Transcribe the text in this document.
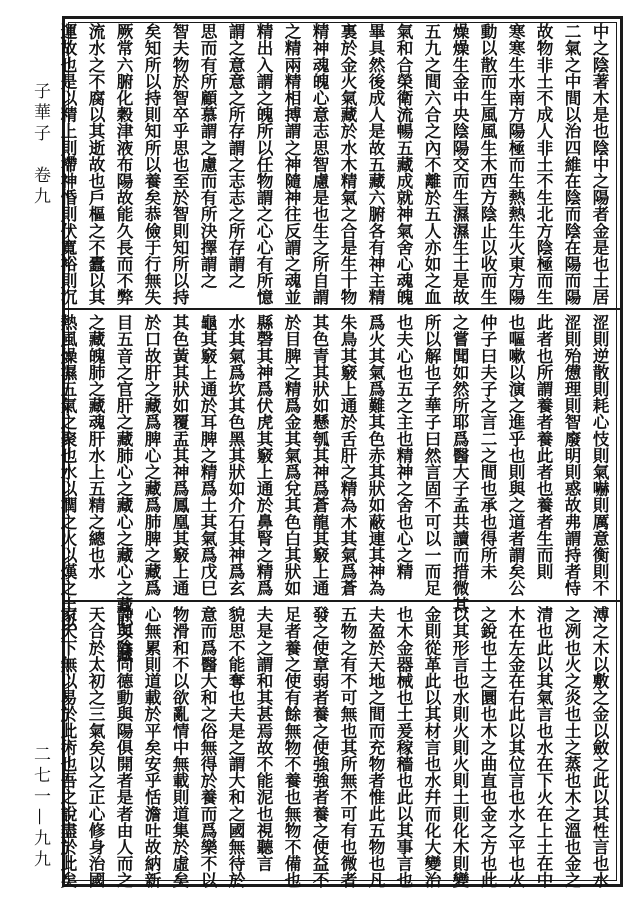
子華子　卷九
二七一—九九
中之陰著木是也陰中之陽者金是也土居
二氣之中間以治四維在陰而陰在陽而陽
故物非土不成人非土不生北方陰極而生
寒寒生水南方陽極而生熱熱生火東方陽
動以散而生風風生木西方陰止以收而生
燥燥生金中央陰陽交而生濕濕生土是故
五九之間六合之內不離於五人亦如之血
氣和合榮衛流暢五藏成就神氣舍心魂魄
畢具然後成人是故五藏六腑各有神主精
裏於金火氣藏於水木精氣之合是生十物
精神魂魄心意志思智慮是也生之所自謂
之精兩精相搏謂之神隨神往反謂之魂並
精出入謂之魄所以任物謂之心心有所憶
謂之意意之所存謂之志志之所存謂之
思而有所顧慕謂之慮而有所決擇謂之
智夫物於智卒乎思也至於智則知所以持
矣知所以持則知所以養矣恭儉于行無失
厥常六腑化穀津液布陽故能久長而不弊
流水之不腐以其逝故也戶樞之不蠹以其
運故也是以精上則滯神惛則伏寬裕則沉
涩則逆散則耗心忮則氣嚇則厲意衡則不
涩則殆憊理則智廢明則惑故弗謂持者恃
此者也所謂養者養此者也養者生而則
也嘔嗽以演之進乎也則與之道者謂矣公
仲子曰夫子之言二之間也承也得所未
之嘗聞如然所耶爲醫大子孟共讀而措微其
所以解也子華子曰然言固不可以一而足
也夫心也五之主也精神之舍也心之精
爲火其氣爲難其色赤其狀如蔽連其神為
朱鳥其竅上通於舌肝之精為木其氣爲蒼
其色青其狀如懸瓠其神爲蒼龍其竅上通
於目脾之精爲金其氣爲兌其色白其狀如
縣磬其神爲伏虎其竅上通於鼻腎之精爲
水其氣爲坎其色黑其狀如介石其神爲玄
龜其竅上通於耳脾之精爲土其氣爲戊巳
其色黃其狀如覆盂其神爲鳳凰其竅上通
於口故肝之藏爲脾心之藏爲肺脾之藏爲
目五音之官肝之藏肺心之藏心之藏心之藏心之藏
之藏魄肺之藏魂肝水上五精之總也水
熱風燥濕五氣之聚也水以潤之火以熯之土以
溥之木以敷之金以斂之此以其性言也水
之冽也火之炎也土之蒸也木之溫也金之
清也此以其氣言也水在下火在上土在中
木在左金在右此以其位言也水之平也火
之銳也土之圜也木之曲直也金之方也此
以其形言也水則火則火則土則化木則變
金則從革此以其材言也水幷而化大變治
也木金器械也土爰稼穡也此以其事言也
夫盈於天地之間而充物者惟此五物也凡
五物之有不可無也其所無不可有也微者
發之使章弱者養之使強強者養之使益不
足者養之使有餘無物不養也無物不備也
夫是之謂和其甚焉故不能泥也視聽言
貌思不能奪也夫是之謂大和之國無待於
意而爲醫大和之俗無得於養而爲樂不以
物滑和不以欲亂情中無載則道集於虛矣
心無累則道載於平矣安乎恬澹吐故納新
静與陰同德動與陽俱開者是者由人而之
天合於太初之三氣矣以之正心修身治國
家天下無以易於此術也吾之說盡於此矣
